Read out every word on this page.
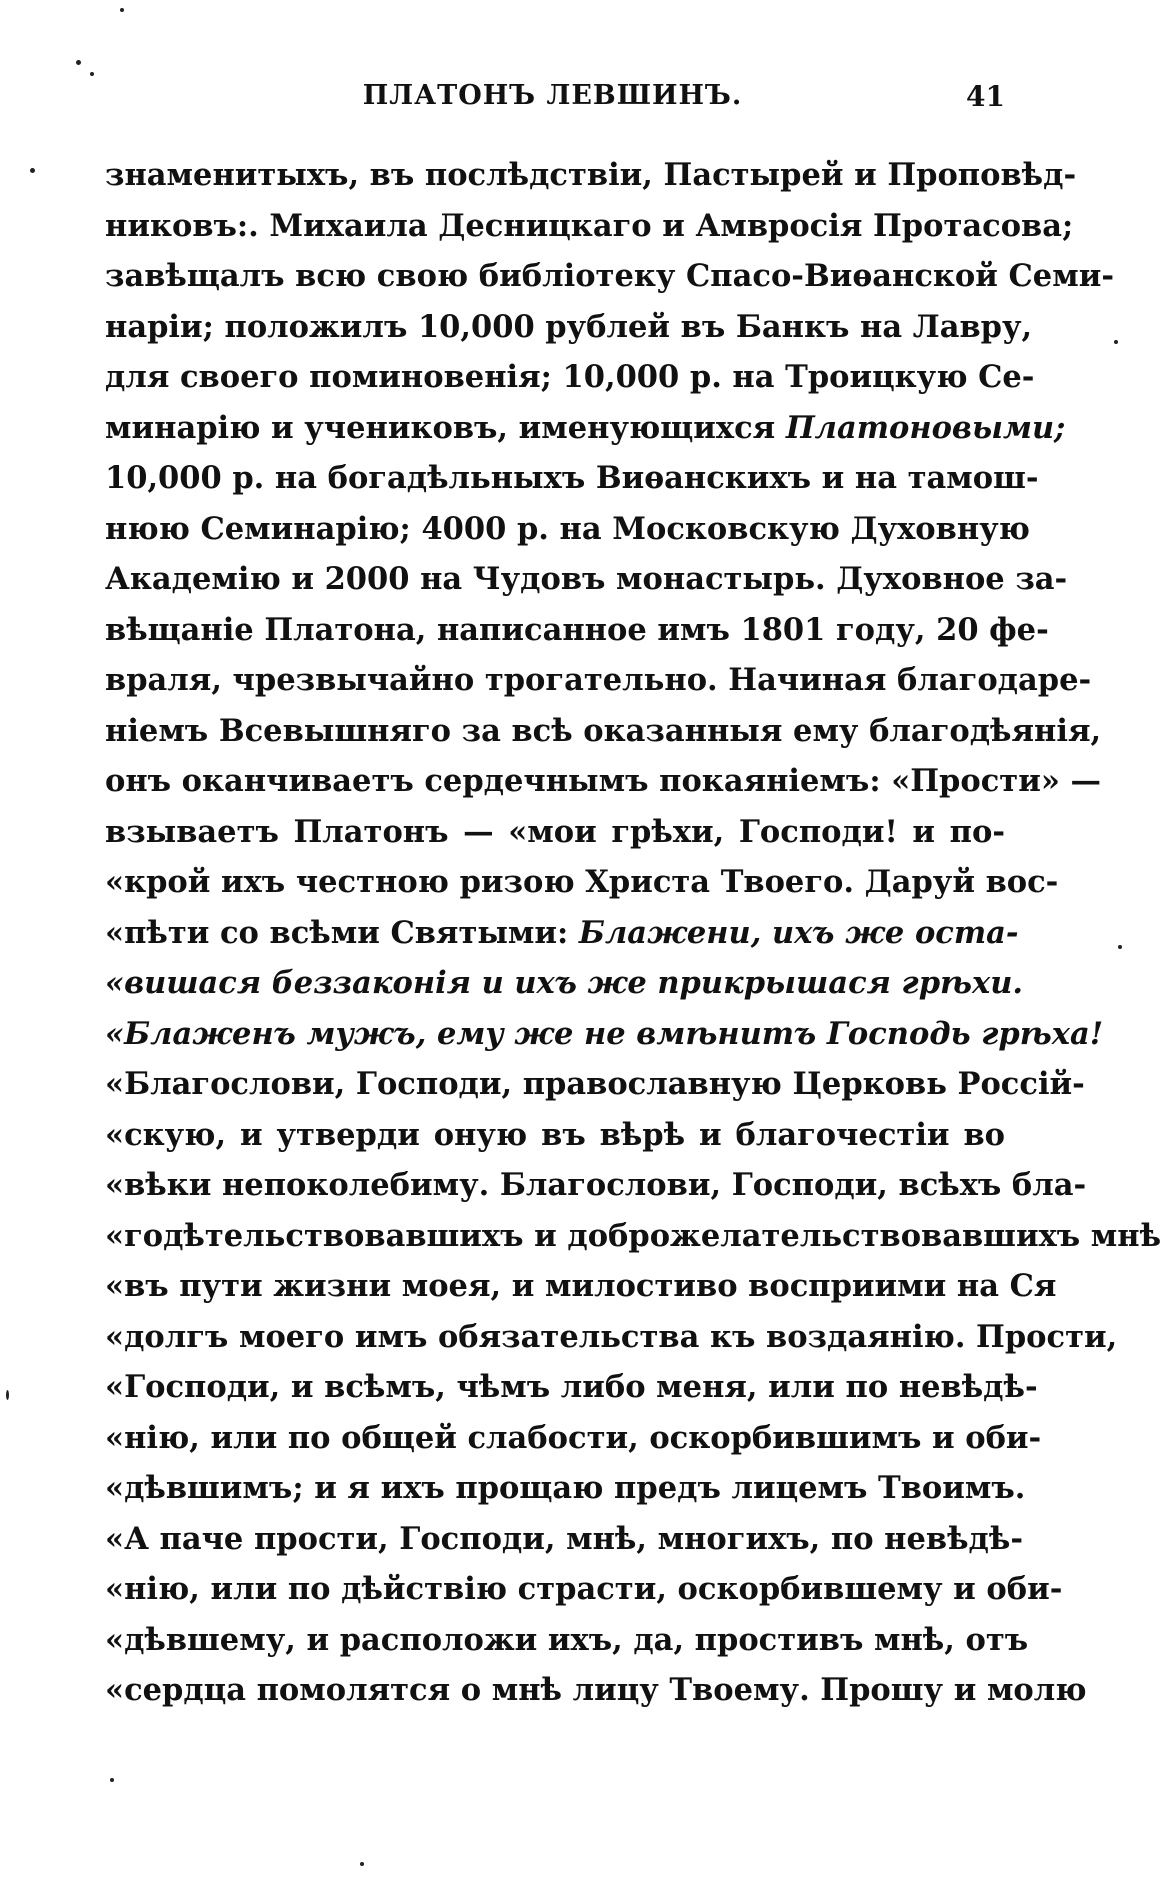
ПЛАТОНЪ ЛЕВШИНЪ.	41
знаменитыхъ, въ послѣдствіи, Пастырей и Проповѣд-
никовъ:. Михаила Десницкаго и Амвросія Протасова;
завѣщалъ всю свою библіотеку Спасо-Виѳанской Семи-
наріи; положилъ 10,000 рублей въ Банкъ на Лавру,
для своего поминовенія; 10,000 р. на Троицкую Се-
минарію и учениковъ, именующихся Платоновыми;
10,000 р. на богадѣльныхъ Виѳанскихъ и на тамош-
нюю Семинарію; 4000 р. на Московскую Духовную
Академію и 2000 на Чудовъ монастырь. Духовное за-
вѣщаніе Платона, написанное имъ 1801 году, 20 фе-
враля, чрезвычайно трогательно. Начиная благодаре-
ніемъ Всевышняго за всѣ оказанныя ему благодѣянія,
онъ оканчиваетъ сердечнымъ покаяніемъ: «Прости» —
взываетъ Платонъ — «мои грѣхи, Господи! и по-
«крой ихъ честною ризою Христа Твоего. Даруй вос-
«пѣти со всѣми Святыми: Блажени, ихъ же оста-
«вишася беззаконія и ихъ же прикрышася грѣхи.
«Блаженъ мужъ, ему же не вмѣнитъ Господь грѣха!
«Благослови, Господи, православную Церковь Россій-
«скую, и утверди оную въ вѣрѣ и благочестіи во
«вѣки непоколебиму. Благослови, Господи, всѣхъ бла-
«годѣтельствовавшихъ и доброжелательствовавшихъ мнѣ
«въ пути жизни моея, и милостиво восприими на Ся
«долгъ моего имъ обязательства къ воздаянію. Прости,
«Господи, и всѣмъ, чѣмъ либо меня, или по невѣдѣ-
«нію, или по общей слабости, оскорбившимъ и оби-
«дѣвшимъ; и я ихъ прощаю предъ лицемъ Твоимъ.
«А паче прости, Господи, мнѣ, многихъ, по невѣдѣ-
«нію, или по дѣйствію страсти, оскорбившему и оби-
«дѣвшему, и расположи ихъ, да, простивъ мнѣ, отъ
«сердца помолятся о мнѣ лицу Твоему. Прошу и молю
